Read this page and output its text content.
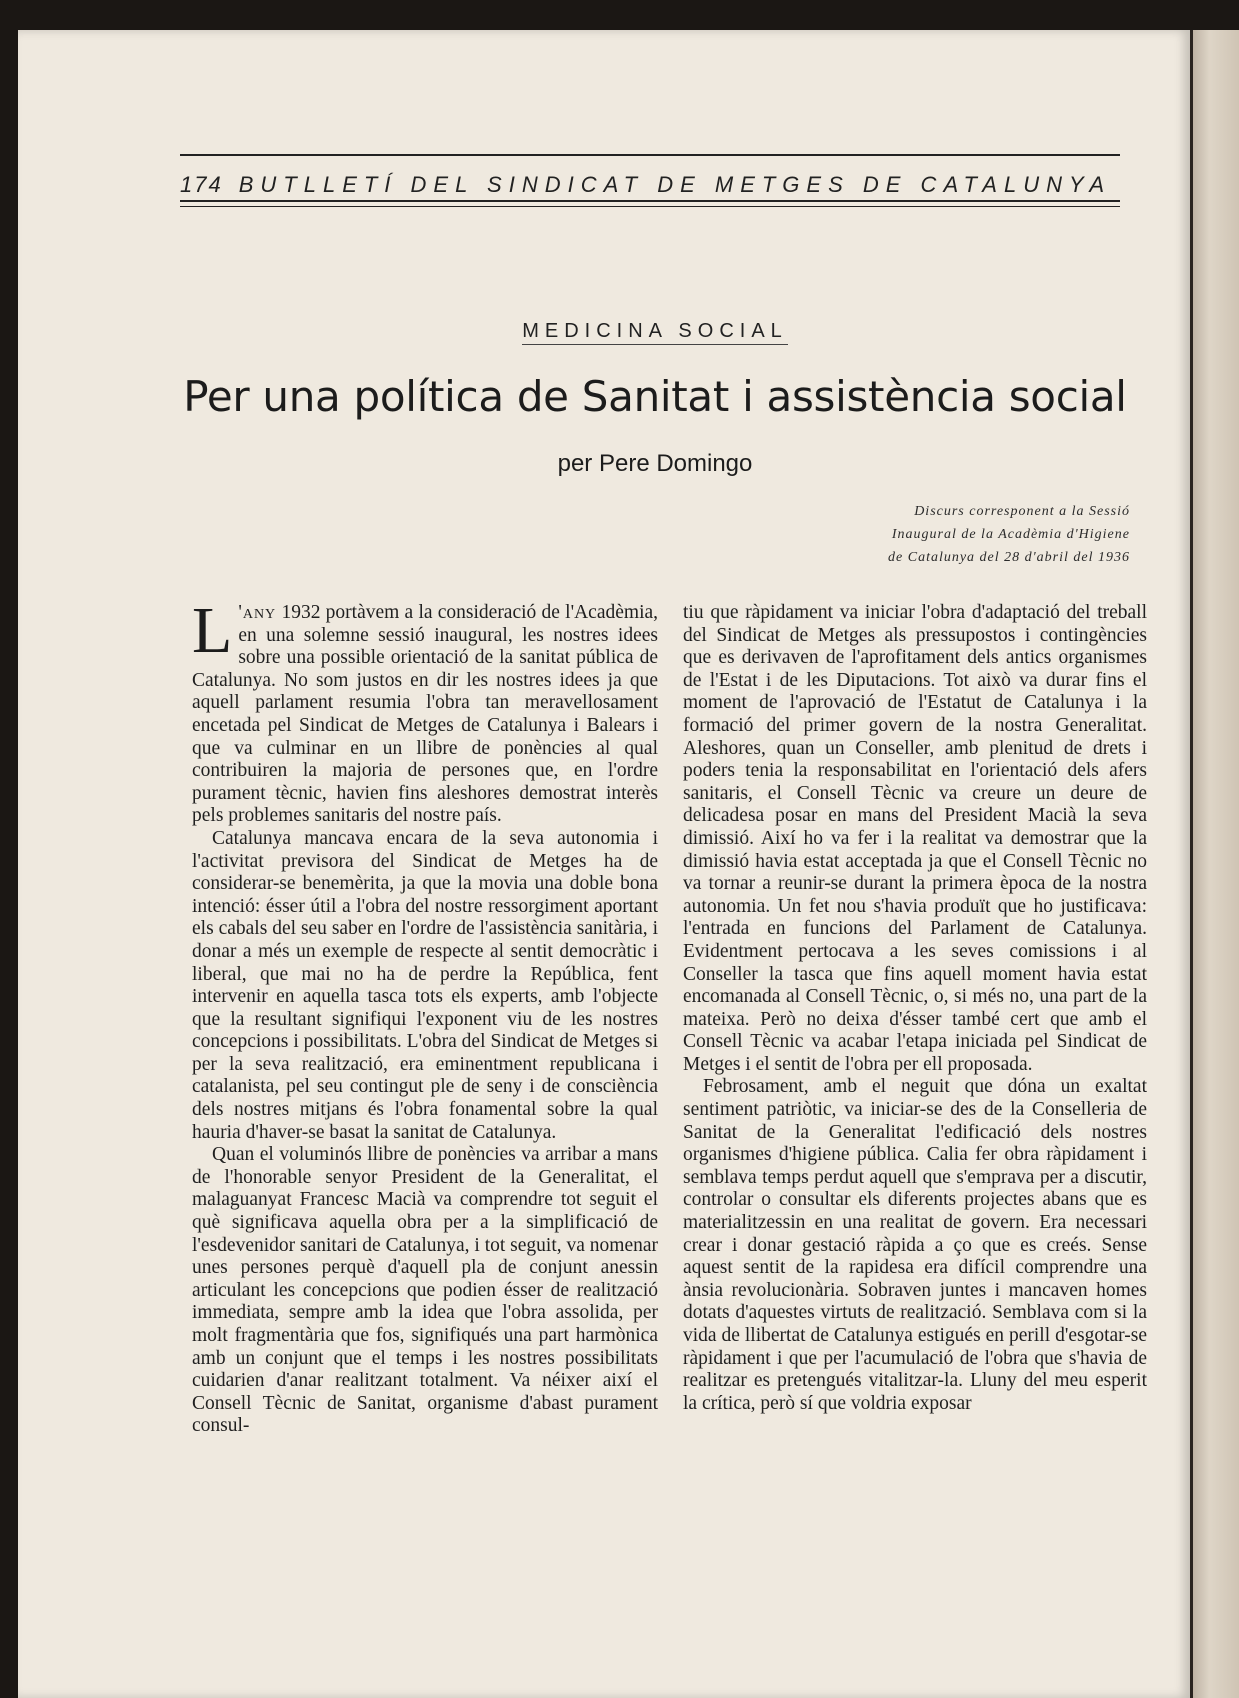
174 BUTLLETÍ DEL SINDICAT DE METGES DE CATALUNYA
MEDICINA SOCIAL
Per una política de Sanitat i assistència social
per Pere Domingo
Discurs corresponent a la Sessió
Inaugural de la Acadèmia d'Higiene
de Catalunya del 28 d'abril del 1936

L 'any 1932 portàvem a la consideració de l'Acadèmia, en una solemne sessió inaugural, les nostres idees sobre una possible orientació de la sanitat pública de Catalunya. No som justos en dir les nostres idees ja que aquell parlament resumia l'obra tan meravellosament encetada pel Sindicat de Metges de Catalunya i Balears i que va culminar en un llibre de ponències al qual contribuiren la majoria de persones que, en l'ordre purament tècnic, havien fins aleshores demostrat interès pels problemes sanitaris del nostre país.

Catalunya mancava encara de la seva autonomia i l'activitat previsora del Sindicat de Metges ha de considerar-se benemèrita, ja que la movia una doble bona intenció: ésser útil a l'obra del nostre ressorgiment aportant els cabals del seu saber en l'ordre de l'assistència sanitària, i donar a més un exemple de respecte al sentit democràtic i liberal, que mai no ha de perdre la República, fent intervenir en aquella tasca tots els experts, amb l'objecte que la resultant signifiqui l'exponent viu de les nostres concepcions i possibilitats. L'obra del Sindicat de Metges si per la seva realització, era eminentment republicana i catalanista, pel seu contingut ple de seny i de consciència dels nostres mitjans és l'obra fonamental sobre la qual hauria d'haver-se basat la sanitat de Catalunya.

Quan el voluminós llibre de ponències va arribar a mans de l'honorable senyor President de la Generalitat, el malaguanyat Francesc Macià va comprendre tot seguit el què significava aquella obra per a la simplificació de l'esdevenidor sanitari de Catalunya, i tot seguit, va nomenar unes persones perquè d'aquell pla de conjunt anessin articulant les concepcions que podien ésser de realització immediata, sempre amb la idea que l'obra assolida, per molt fragmentària que fos, signifiqués una part harmònica amb un conjunt que el temps i les nostres possibilitats cuidarien d'anar realitzant totalment. Va néixer així el Consell Tècnic de Sanitat, organisme d'abast purament consul-

tiu que ràpidament va iniciar l'obra d'adaptació del treball del Sindicat de Metges als pressupostos i contingències que es derivaven de l'aprofitament dels antics organismes de l'Estat i de les Diputacions. Tot això va durar fins el moment de l'aprovació de l'Estatut de Catalunya i la formació del primer govern de la nostra Generalitat. Aleshores, quan un Conseller, amb plenitud de drets i poders tenia la responsabilitat en l'orientació dels afers sanitaris, el Consell Tècnic va creure un deure de delicadesa posar en mans del President Macià la seva dimissió. Així ho va fer i la realitat va demostrar que la dimissió havia estat acceptada ja que el Consell Tècnic no va tornar a reunir-se durant la primera època de la nostra autonomia. Un fet nou s'havia produït que ho justificava: l'entrada en funcions del Parlament de Catalunya. Evidentment pertocava a les seves comissions i al Conseller la tasca que fins aquell moment havia estat encomanada al Consell Tècnic, o, si més no, una part de la mateixa. Però no deixa d'ésser també cert que amb el Consell Tècnic va acabar l'etapa iniciada pel Sindicat de Metges i el sentit de l'obra per ell proposada.

Febrosament, amb el neguit que dóna un exaltat sentiment patriòtic, va iniciar-se des de la Conselleria de Sanitat de la Generalitat l'edificació dels nostres organismes d'higiene pública. Calia fer obra ràpidament i semblava temps perdut aquell que s'emprava per a discutir, controlar o consultar els diferents projectes abans que es materialitzessin en una realitat de govern. Era necessari crear i donar gestació ràpida a ço que es creés. Sense aquest sentit de la rapidesa era difícil comprendre una ànsia revolucionària. Sobraven juntes i mancaven homes dotats d'aquestes virtuts de realització. Semblava com si la vida de llibertat de Catalunya estigués en perill d'esgotar-se ràpidament i que per l'acumulació de l'obra que s'havia de realitzar es pretengués vitalitzar-la. Lluny del meu esperit la crítica, però sí que voldria exposar
